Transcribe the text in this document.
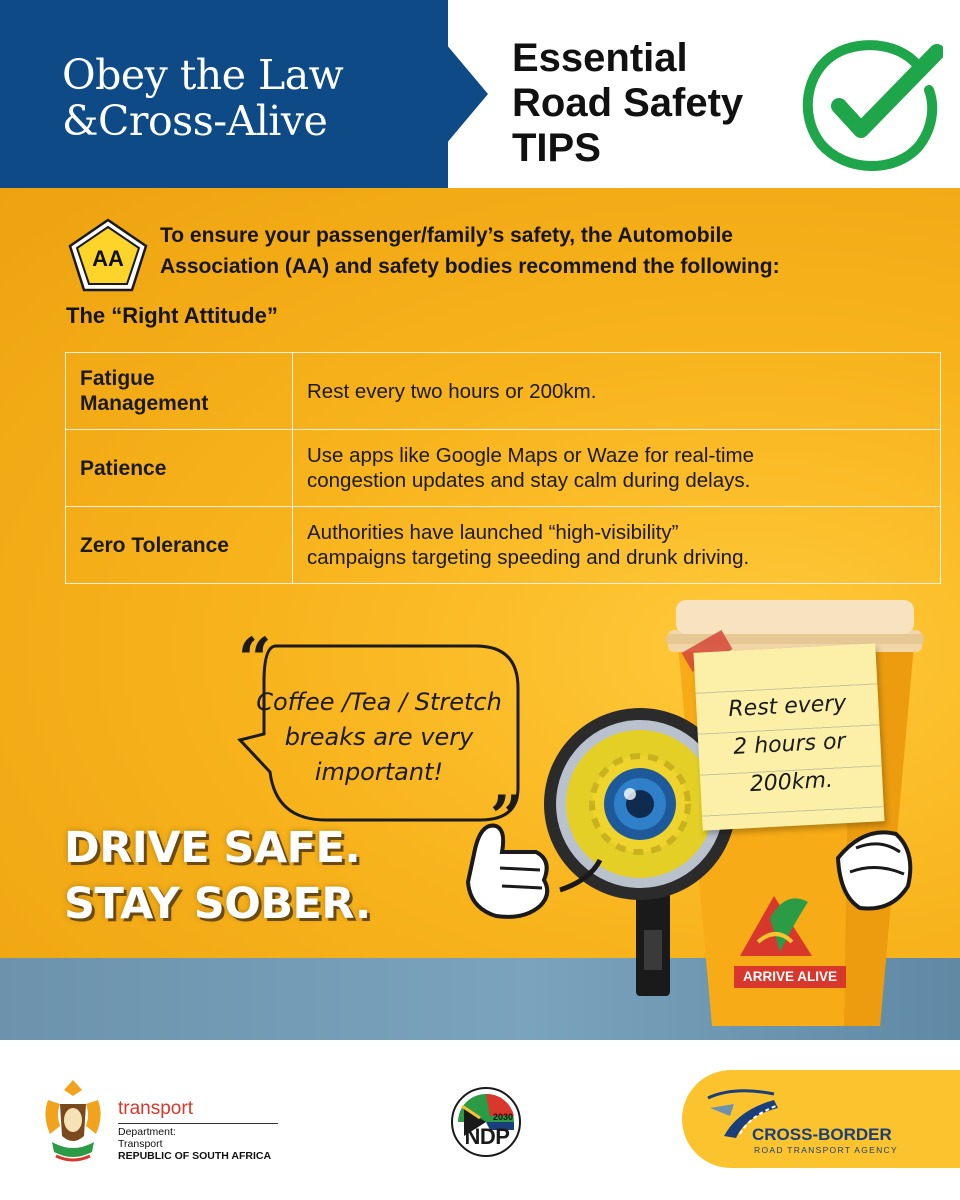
Obey the Law
&Cross-Alive
Essential
Road Safety
TIPS
AA
To ensure your passenger/family’s safety, the Automobile
Association (AA) and safety bodies recommend the following:
The “Right Attitude”
Fatigue
Management	Rest every two hours or 200km.
Patience	Use apps like Google Maps or Waze for real-time
congestion updates and stay calm during delays.
Zero Tolerance	Authorities have launched “high-visibility”
campaigns targeting speeding and drunk driving.
Rest every
2 hours or
200km.
ARRIVE ALIVE
“
Coffee /Tea / Stretch
breaks are very
important!
”
DRIVE SAFE.
STAY SOBER.
transport
Department:
Transport
REPUBLIC OF SOUTH AFRICA
2030
NDP	CROSS-BORDER
ROAD TRANSPORT AGENCY
